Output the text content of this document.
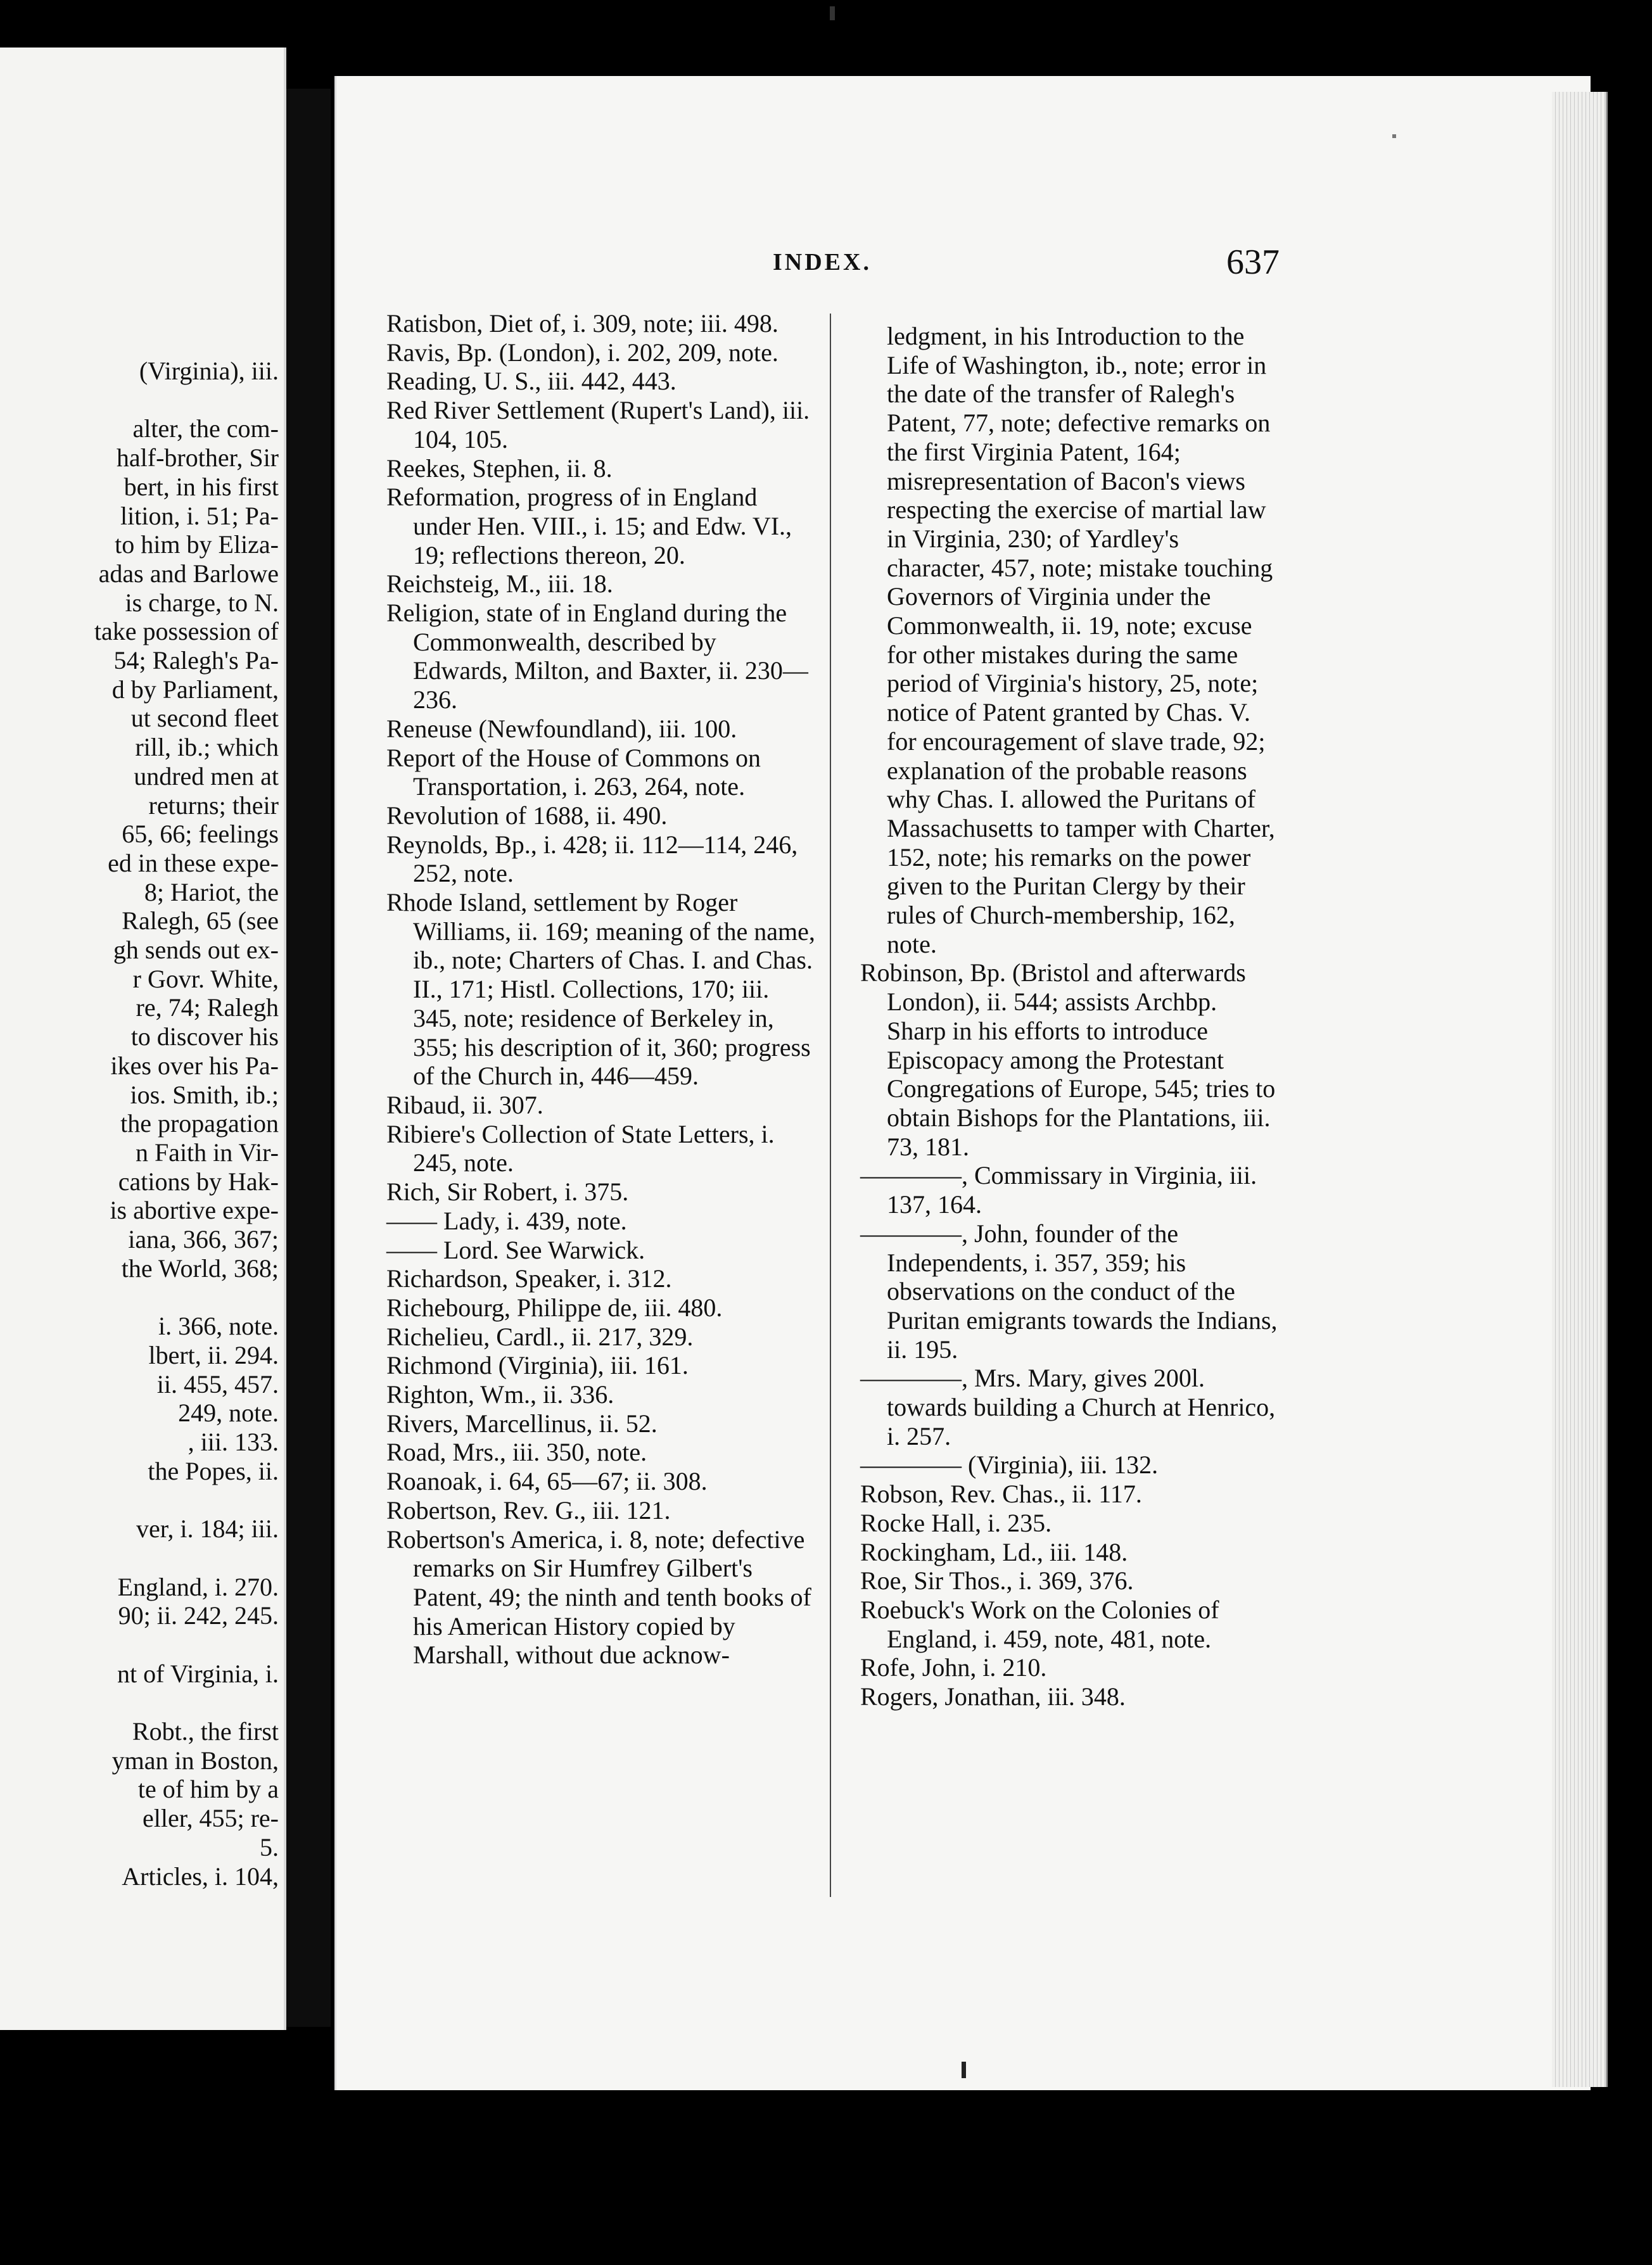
(Virginia), iii.

alter, the com-

half-brother, Sir

bert, in his first

lition, i. 51; Pa-

to him by Eliza-

adas and Barlowe

is charge, to N.

take possession of

54; Ralegh's Pa-

d by Parliament,

ut second fleet

rill, ib.; which

undred men at

returns; their

65, 66; feelings

ed in these expe-

8; Hariot, the

Ralegh, 65 (see

gh sends out ex-

r Govr. White,

re, 74; Ralegh

to discover his

ikes over his Pa-

ios. Smith, ib.;

the propagation

n Faith in Vir-

cations by Hak-

is abortive expe-

iana, 366, 367;

the World, 368;

i. 366, note.

lbert, ii. 294.

ii. 455, 457.

249, note.

, iii. 133.

the Popes, ii.

ver, i. 184; iii.

England, i. 270.

90; ii. 242, 245.

nt of Virginia, i.

Robt., the first

yman in Boston,

te of him by a

eller, 455; re-

5.

Articles, i. 104,

INDEX.	637

Ratisbon, Diet of, i. 309, note; iii. 498.

Ravis, Bp. (London), i. 202, 209, note.

Reading, U. S., iii. 442, 443.

Red River Settlement (Rupert's Land), iii. 104, 105.

Reekes, Stephen, ii. 8.

Reformation, progress of in England under Hen. VIII., i. 15; and Edw. VI., 19; reflections thereon, 20.

Reichsteig, M., iii. 18.

Religion, state of in England during the Commonwealth, described by Edwards, Milton, and Baxter, ii. 230—236.

Reneuse (Newfoundland), iii. 100.

Report of the House of Commons on Transportation, i. 263, 264, note.

Revolution of 1688, ii. 490.

Reynolds, Bp., i. 428; ii. 112—114, 246, 252, note.

Rhode Island, settlement by Roger Williams, ii. 169; meaning of the name, ib., note; Charters of Chas. I. and Chas. II., 171; Histl. Collections, 170; iii. 345, note; residence of Berkeley in, 355; his description of it, 360; progress of the Church in, 446—459.

Ribaud, ii. 307.

Ribiere's Collection of State Letters, i. 245, note.

Rich, Sir Robert, i. 375.

—— Lady, i. 439, note.

—— Lord. See Warwick.

Richardson, Speaker, i. 312.

Richebourg, Philippe de, iii. 480.

Richelieu, Cardl., ii. 217, 329.

Richmond (Virginia), iii. 161.

Righton, Wm., ii. 336.

Rivers, Marcellinus, ii. 52.

Road, Mrs., iii. 350, note.

Roanoak, i. 64, 65—67; ii. 308.

Robertson, Rev. G., iii. 121.

Robertson's America, i. 8, note; defective remarks on Sir Humfrey Gilbert's Patent, 49; the ninth and tenth books of his American History copied by Marshall, without due acknow-

ledgment, in his Introduction to the Life of Washington, ib., note; error in the date of the transfer of Ralegh's Patent, 77, note; defective remarks on the first Virginia Patent, 164; misrepresentation of Bacon's views respecting the exercise of martial law in Virginia, 230; of Yardley's character, 457, note; mistake touching Governors of Virginia under the Commonwealth, ii. 19, note; excuse for other mistakes during the same period of Virginia's history, 25, note; notice of Patent granted by Chas. V. for encouragement of slave trade, 92; explanation of the probable reasons why Chas. I. allowed the Puritans of Massachusetts to tamper with Charter, 152, note; his remarks on the power given to the Puritan Clergy by their rules of Church-membership, 162, note.

Robinson, Bp. (Bristol and afterwards London), ii. 544; assists Archbp. Sharp in his efforts to introduce Episcopacy among the Protestant Congregations of Europe, 545; tries to obtain Bishops for the Plantations, iii. 73, 181.

————, Commissary in Virginia, iii. 137, 164.

————, John, founder of the Independents, i. 357, 359; his observations on the conduct of the Puritan emigrants towards the Indians, ii. 195.

————, Mrs. Mary, gives 200l. towards building a Church at Henrico, i. 257.

———— (Virginia), iii. 132.

Robson, Rev. Chas., ii. 117.

Rocke Hall, i. 235.

Rockingham, Ld., iii. 148.

Roe, Sir Thos., i. 369, 376.

Roebuck's Work on the Colonies of England, i. 459, note, 481, note.

Rofe, John, i. 210.

Rogers, Jonathan, iii. 348.
